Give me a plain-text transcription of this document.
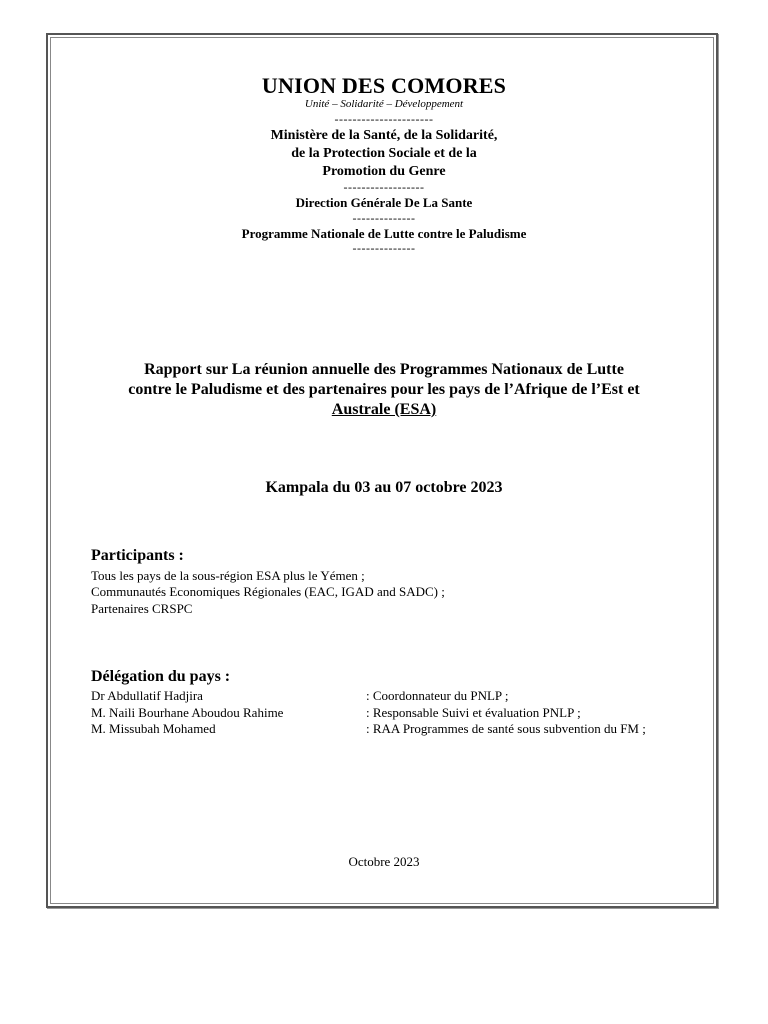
UNION DES COMORES
Unité – Solidarité – Développement
----------------------
Ministère de la Santé, de la Solidarité,
de la Protection Sociale et de la
Promotion du Genre
------------------
Direction Générale De La Sante
--------------
Programme Nationale de Lutte contre le Paludisme
--------------
Rapport sur La réunion annuelle des Programmes Nationaux de Lutte
contre le Paludisme et des partenaires pour les pays de l’Afrique de l’Est et
Australe (ESA)
Kampala du 03 au 07 octobre 2023
Participants :
Tous les pays de la sous-région ESA plus le Yémen ;
Communautés Economiques Régionales (EAC, IGAD and SADC) ;
Partenaires CRSPC
Délégation du pays :
Dr Abdullatif Hadjira	: Coordonnateur du PNLP ;
M. Naili Bourhane Aboudou Rahime	: Responsable Suivi et évaluation PNLP ;
M. Missubah Mohamed	: RAA Programmes de santé sous subvention du FM ;
Octobre 2023
